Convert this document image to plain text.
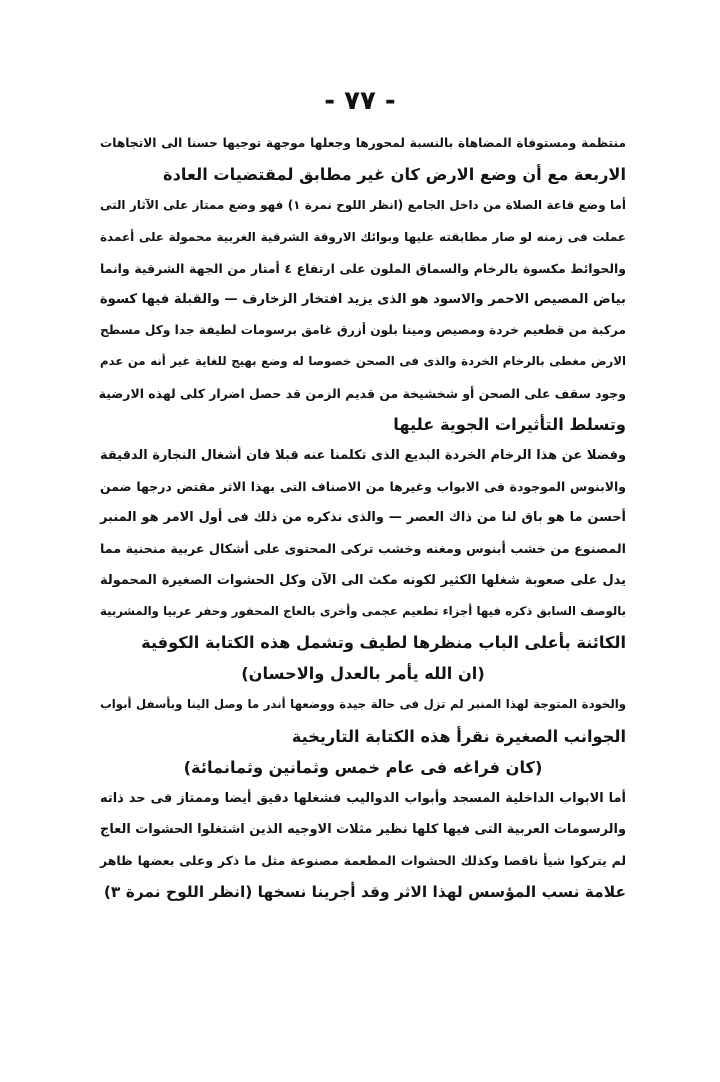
- ٧٧ -
منتظمة ومستوفاة المضاهاة بالنسبة لمحورها وجعلها موجهة توجيها حسنا الى الاتجاهات
الاربعة مع أن وضع الارض كان غير مطابق لمقتضيات العادة
أما وضع قاعة الصلاة من داخل الجامع (انظر اللوح نمرة ١) فهو وضع ممتاز على الآثار التى
عملت فى زمنه لو صار مطابقته عليها وبوائك الاروقة الشرقية الغربية محمولة على أعمدة
والحوائط مكسوة بالرخام والسماق الملون على ارتفاع ٤ أمتار من الجهة الشرقية وانما
بياض المصيص الاحمر والاسود هو الذى يزيد افتخار الزخارف — والقبلة فيها كسوة
مركبة من قطعيم خردة ومصيص ومينا بلون أزرق غامق برسومات لطيفة جدا وكل مسطح
الارض مغطى بالرخام الخردة والذى فى الصحن خصوصا له وضع بهيج للغاية غير أنه من عدم
وجود سقف على الصحن أو شخشيخة من قديم الزمن قد حصل اضرار كلى لهذه الارضية
وتسلط التأثيرات الجوية عليها
وفضلا عن هذا الرخام الخردة البديع الذى تكلمنا عنه قبلا فان أشغال النجارة الدقيقة
والابنوس الموجودة فى الابواب وغيرها من الاصناف التى بهذا الاثر مقتض درجها ضمن
أحسن ما هو باق لنا من ذاك العصر — والذى نذكره من ذلك فى أول الامر هو المنبر
المصنوع من خشب أبنوس ومغنه وخشب تركى المحتوى على أشكال عربية منحنية مما
يدل على صعوبة شغلها الكثير لكونه مكث الى الآن وكل الحشوات الصغيرة المحمولة
بالوصف السابق ذكره فيها أجزاء تطعيم عجمى وأخرى بالعاج المحفور وحفر عربيا والمشربية
الكائنة بأعلى الباب منظرها لطيف وتشمل هذه الكتابة الكوفية
(ان الله يأمر بالعدل والاحسان)
والخودة المتوجة لهذا المنبر لم تزل فى حالة جيدة ووضعها أندر ما وصل الينا وبأسفل أبواب
الجوانب الصغيرة نقرأ هذه الكتابة التاريخية
(كان فراغه فى عام خمس وثمانين وثمانمائة)
أما الابواب الداخلية المسجد وأبواب الدواليب فشغلها دقيق أيضا وممتاز فى حد ذاته
والرسومات العربية التى فيها كلها نظير مثلات الاوجيه الذين اشتغلوا الحشوات العاج
لم يتركوا شيأ ناقصا وكذلك الحشوات المطعمة مصنوعة مثل ما ذكر وعلى بعضها ظاهر
علامة نسب المؤسس لهذا الاثر وقد أجرينا نسخها (انظر اللوح نمرة ٣)
